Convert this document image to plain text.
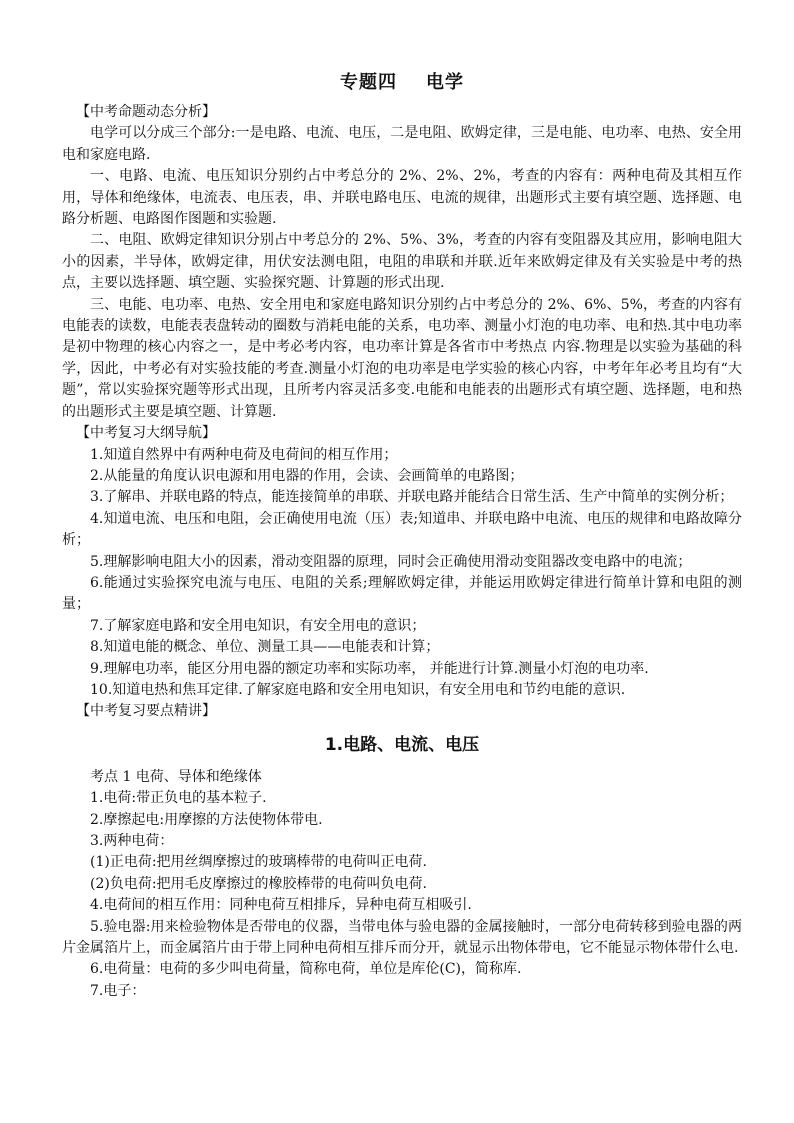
专题四    电学
【中考命题动态分析】

电学可以分成三个部分:一是电路、电流、电压，二是电阻、欧姆定律，三是电能、电功率、电热、安全用电和家庭电路.

一、电路、电流、电压知识分别约占中考总分的 2%、2%、2%，考查的内容有：两种电荷及其相互作用，导体和绝缘体，电流表、电压表，串、并联电路电压、电流的规律，出题形式主要有填空题、选择题、电路分析题、电路图作图题和实验题.

二、电阻、欧姆定律知识分别占中考总分的 2%、5%、3%，考查的内容有变阻器及其应用，影响电阻大小的因素，半导体，欧姆定律，用伏安法测电阻，电阻的串联和并联.近年来欧姆定律及有关实验是中考的热点，主要以选择题、填空题、实验探究题、计算题的形式出现.

三、电能、电功率、电热、安全用电和家庭电路知识分别约占中考总分的 2%、6%、5%，考查的内容有电能表的读数，电能表表盘转动的圈数与消耗电能的关系，电功率、测量小灯泡的电功率、电和热.其中电功率是初中物理的核心内容之一，是中考必考内容，电功率计算是各省市中考热点 内容.物理是以实验为基础的科学，因此，中考必有对实验技能的考查.测量小灯泡的电功率是电学实验的核心内容，中考年年必考且均有“大题”，常以实验探究题等形式出现，且所考内容灵活多变.电能和电能表的出题形式有填空题、选择题，电和热的出题形式主要是填空题、计算题.

【中考复习大纲导航】
1.知道自然界中有两种电荷及电荷间的相互作用；
2.从能量的角度认识电源和用电器的作用，会读、会画简单的电路图；
3.了解串、并联电路的特点，能连接简单的串联、并联电路并能结合日常生活、生产中简单的实例分析；
4.知道电流、电压和电阻，会正确使用电流（压）表;知道串、并联电路中电流、电压的规律和电路故障分析；
5.理解影响电阻大小的因素，滑动变阻器的原理，同时会正确使用滑动变阻器改变电路中的电流；
6.能通过实验探究电流与电压、电阻的关系;理解欧姆定律，并能运用欧姆定律进行简单计算和电阻的测量；
7.了解家庭电路和安全用电知识，有安全用电的意识；
8.知道电能的概念、单位、测量工具——电能表和计算；
9.理解电功率，能区分用电器的额定功率和实际功率， 并能进行计算.测量小灯泡的电功率.
10.知道电热和焦耳定律.了解家庭电路和安全用电知识，有安全用电和节约电能的意识.
【中考复习要点精讲】
1.电路、电流、电压
考点 1 电荷、导体和绝缘体
1.电荷:带正负电的基本粒子.
2.摩擦起电:用摩擦的方法使物体带电.
3.两种电荷：
(1)正电荷:把用丝绸摩擦过的玻璃棒带的电荷叫正电荷.
(2)负电荷:把用毛皮摩擦过的橡胶棒带的电荷叫负电荷.
4.电荷间的相互作用：同种电荷互相排斥，异种电荷互相吸引.
5.验电器:用来检验物体是否带电的仪器，当带电体与验电器的金属接触时，一部分电荷转移到验电器的两片金属箔片上，而金属箔片由于带上同种电荷相互排斥而分开，就显示出物体带电，它不能显示物体带什么电.
6.电荷量：电荷的多少叫电荷量，简称电荷，单位是库伦(C)，简称库.
7.电子：
